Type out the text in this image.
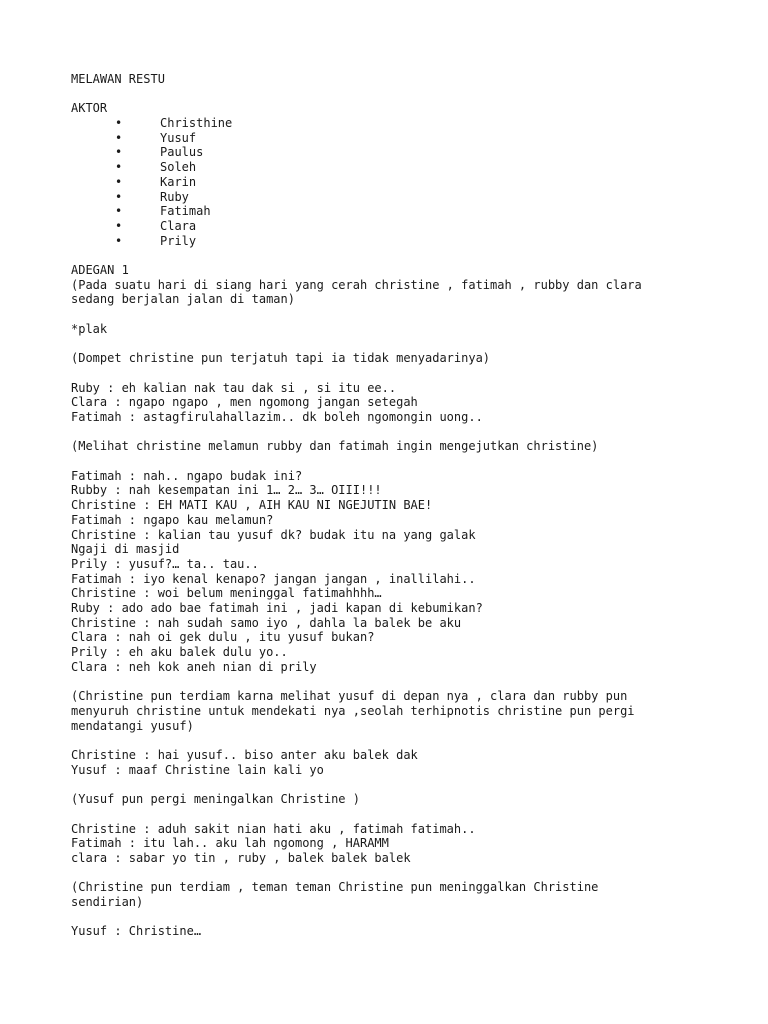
MELAWAN RESTU
AKTOR
•	Christhine
•	Yusuf
•	Paulus
•	Soleh
•	Karin
•	Ruby
•	Fatimah
•	Clara
•	Prily
ADEGAN 1
(Pada suatu hari di siang hari yang cerah christine , fatimah , rubby dan clara
sedang berjalan jalan di taman)
*plak
(Dompet christine pun terjatuh tapi ia tidak menyadarinya)
Ruby : eh kalian nak tau dak si , si itu ee..
Clara : ngapo ngapo , men ngomong jangan setegah
Fatimah : astagfirulahallazim.. dk boleh ngomongin uong..
(Melihat christine melamun rubby dan fatimah ingin mengejutkan christine)
Fatimah : nah.. ngapo budak ini?
Rubby : nah kesempatan ini 1… 2… 3… OIII!!!
Christine : EH MATI KAU , AIH KAU NI NGEJUTIN BAE!
Fatimah : ngapo kau melamun?
Christine : kalian tau yusuf dk? budak itu na yang galak
Ngaji di masjid
Prily : yusuf?… ta.. tau..
Fatimah : iyo kenal kenapo? jangan jangan , inallilahi..
Christine : woi belum meninggal fatimahhhh…
Ruby : ado ado bae fatimah ini , jadi kapan di kebumikan?
Christine : nah sudah samo iyo , dahla la balek be aku
Clara : nah oi gek dulu , itu yusuf bukan?
Prily : eh aku balek dulu yo..
Clara : neh kok aneh nian di prily
(Christine pun terdiam karna melihat yusuf di depan nya , clara dan rubby pun
menyuruh christine untuk mendekati nya ,seolah terhipnotis christine pun pergi
mendatangi yusuf)
Christine : hai yusuf.. biso anter aku balek dak
Yusuf : maaf Christine lain kali yo
(Yusuf pun pergi meningalkan Christine )
Christine : aduh sakit nian hati aku , fatimah fatimah..
Fatimah : itu lah.. aku lah ngomong , HARAMM
clara : sabar yo tin , ruby , balek balek balek
(Christine pun terdiam , teman teman Christine pun meninggalkan Christine
sendirian)
Yusuf : Christine…
